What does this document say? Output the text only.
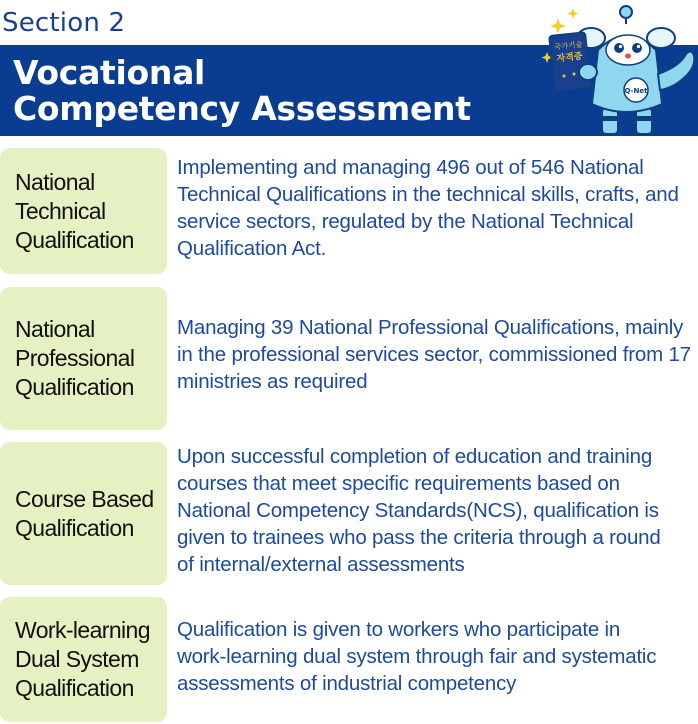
Section 2
Vocational
Competency Assessment	Q-Net
국가기술
자격증
National
Technical
Qualification
Implementing and managing 496 out of 546 National
Technical Qualifications in the technical skills, crafts, and
service sectors, regulated by the National Technical
Qualification Act.
National
Professional
Qualification
Managing 39 National Professional Qualifications, mainly
in the professional services sector, commissioned from 17
ministries as required
Course Based
Qualification
Upon successful completion of education and training
courses that meet specific requirements based on
National Competency Standards(NCS), qualification is
given to trainees who pass the criteria through a round
of internal/external assessments
Work-learning
Dual System
Qualification
Qualification is given to workers who participate in
work-learning dual system through fair and systematic
assessments of industrial competency
